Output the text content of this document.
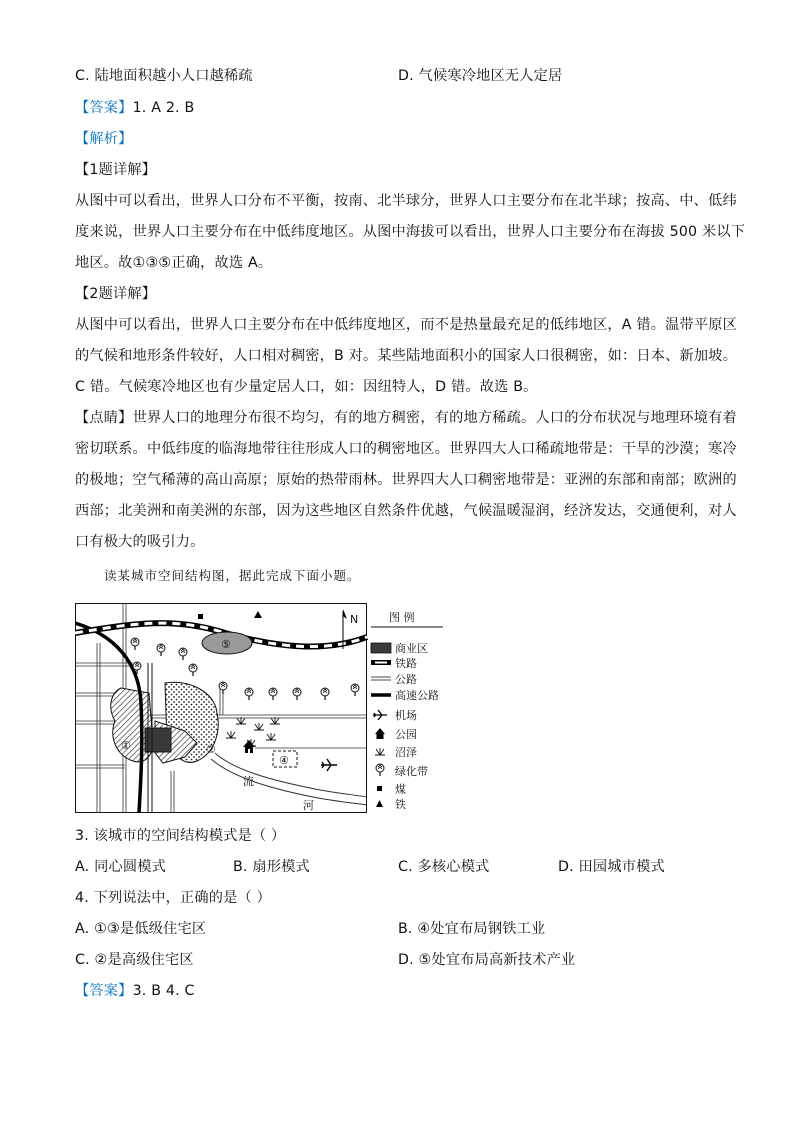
C. 陆地面积越小人口越稀疏	D. 气候寒冷地区无人定居
【答案】1. A 2. B
【解析】
【1题详解】
从图中可以看出，世界人口分布不平衡，按南、北半球分，世界人口主要分布在北半球；按高、中、低纬
度来说，世界人口主要分布在中低纬度地区。从图中海拔可以看出，世界人口主要分布在海拔 500 米以下
地区。故①③⑤正确，故选 A。
【2题详解】
从图中可以看出，世界人口主要分布在中低纬度地区，而不是热量最充足的低纬地区，A 错。温带平原区
的气候和地形条件较好，人口相对稠密，B 对。某些陆地面积小的国家人口很稠密，如：日本、新加坡。
C 错。气候寒冷地区也有少量定居人口，如：因纽特人，D 错。故选 B。
【点睛】世界人口的地理分布很不均匀，有的地方稠密，有的地方稀疏。人口的分布状况与地理环境有着
密切联系。中低纬度的临海地带往往形成人口的稠密地区。世界四大人口稀疏地带是：干旱的沙漠；寒冷
的极地；空气稀薄的高山高原；原始的热带雨林。世界四大人口稠密地带是：亚洲的东部和南部；欧洲的
西部；北美洲和南美洲的东部，因为这些地区自然条件优越，气候温暖湿润，经济发达，交通便利，对人
口有极大的吸引力。
读某城市空间结构图，据此完成下面小题。
N
流
河
①	②
④
⑤
图 例
商业区
铁路
公路
高速公路
机场
公园
沼泽
绿化带
煤
铁
3. 该城市的空间结构模式是（ ）
A. 同心圆模式	B. 扇形模式	C. 多核心模式	D. 田园城市模式
4. 下列说法中，正确的是（ ）
A. ①③是低级住宅区	B. ④处宜布局钢铁工业
C. ②是高级住宅区	D. ⑤处宜布局高新技术产业
【答案】3. B 4. C
